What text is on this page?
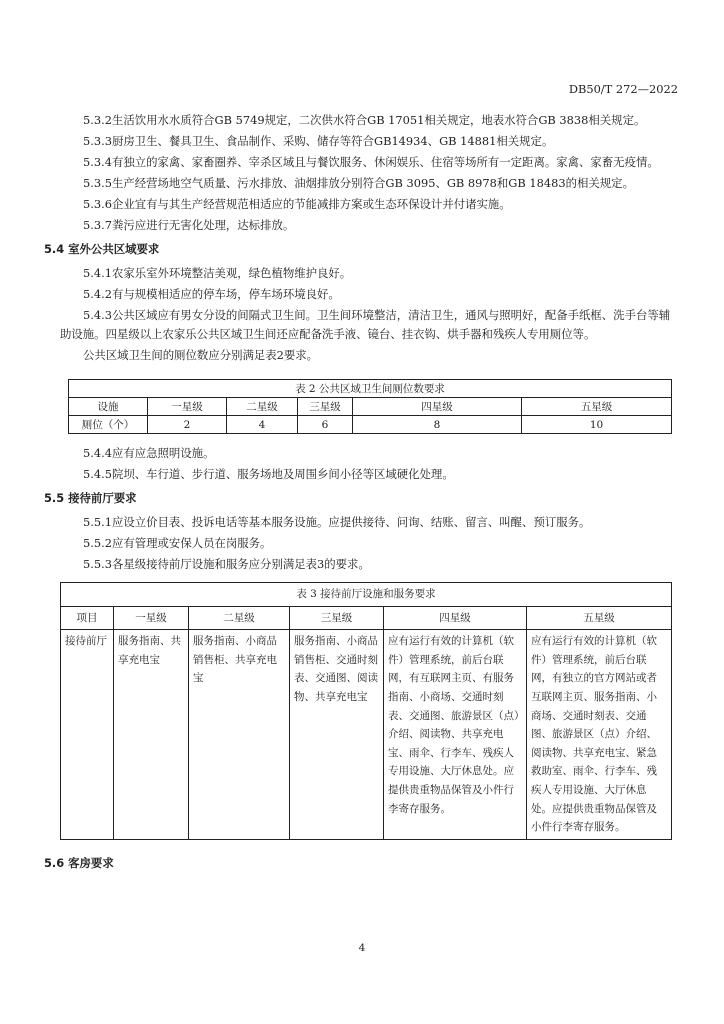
DB50/T 272—2022

5.3.2生活饮用水水质符合GB 5749规定，二次供水符合GB 17051相关规定，地表水符合GB 3838相关规定。

5.3.3厨房卫生、餐具卫生、食品制作、采购、储存等符合GB14934、GB 14881相关规定。

5.3.4有独立的家禽、家畜圈养、宰杀区域且与餐饮服务、休闲娱乐、住宿等场所有一定距离。家禽、家畜无疫情。

5.3.5生产经营场地空气质量、污水排放、油烟排放分别符合GB 3095、GB 8978和GB 18483的相关规定。

5.3.6企业宜有与其生产经营规范相适应的节能减排方案或生态环保设计并付诸实施。

5.3.7粪污应进行无害化处理，达标排放。

5.4 室外公共区域要求

5.4.1农家乐室外环境整洁美观，绿色植物维护良好。

5.4.2有与规模相适应的停车场，停车场环境良好。

5.4.3公共区域应有男女分设的间隔式卫生间。卫生间环境整洁，清洁卫生，通风与照明好，配备手纸框、洗手台等辅助设施。四星级以上农家乐公共区域卫生间还应配备洗手液、镜台、挂衣钩、烘手器和残疾人专用厕位等。

公共区域卫生间的厕位数应分别满足表2要求。

表 2 公共区域卫生间厕位数要求					
设施	一星级	二星级	三星级	四星级	五星级
厕位（个）	2	4	6	8	10

5.4.4应有应急照明设施。

5.4.5院坝、车行道、步行道、服务场地及周围乡间小径等区域硬化处理。

5.5 接待前厅要求

5.5.1应设立价目表、投诉电话等基本服务设施。应提供接待、问询、结账、留言、叫醒、预订服务。

5.5.2应有管理或安保人员在岗服务。

5.5.3各星级接待前厅设施和服务应分别满足表3的要求。

表 3 接待前厅设施和服务要求					
项目	一星级	二星级	三星级	四星级	五星级

接待前厅	服务指南、共享充电宝	服务指南、小商品销售柜、共享充电宝	服务指南、小商品销售柜、交通时刻表、交通图、阅读物、共享充电宝	应有运行有效的计算机（软件）管理系统，前后台联网，有互联网主页、有服务指南、小商场、交通时刻表、交通图、旅游景区（点）介绍、阅读物、共享充电宝、雨伞、行李车、残疾人专用设施、大厅休息处。应提供贵重物品保管及小件行李寄存服务。	应有运行有效的计算机（软件）管理系统，前后台联网，有独立的官方网站或者互联网主页、服务指南、小商场、交通时刻表、交通图、旅游景区（点）介绍、阅读物、共享充电宝、紧急救助室、雨伞、行李车、残疾人专用设施、大厅休息处。应提供贵重物品保管及小件行李寄存服务。
5.6 客房要求
4
